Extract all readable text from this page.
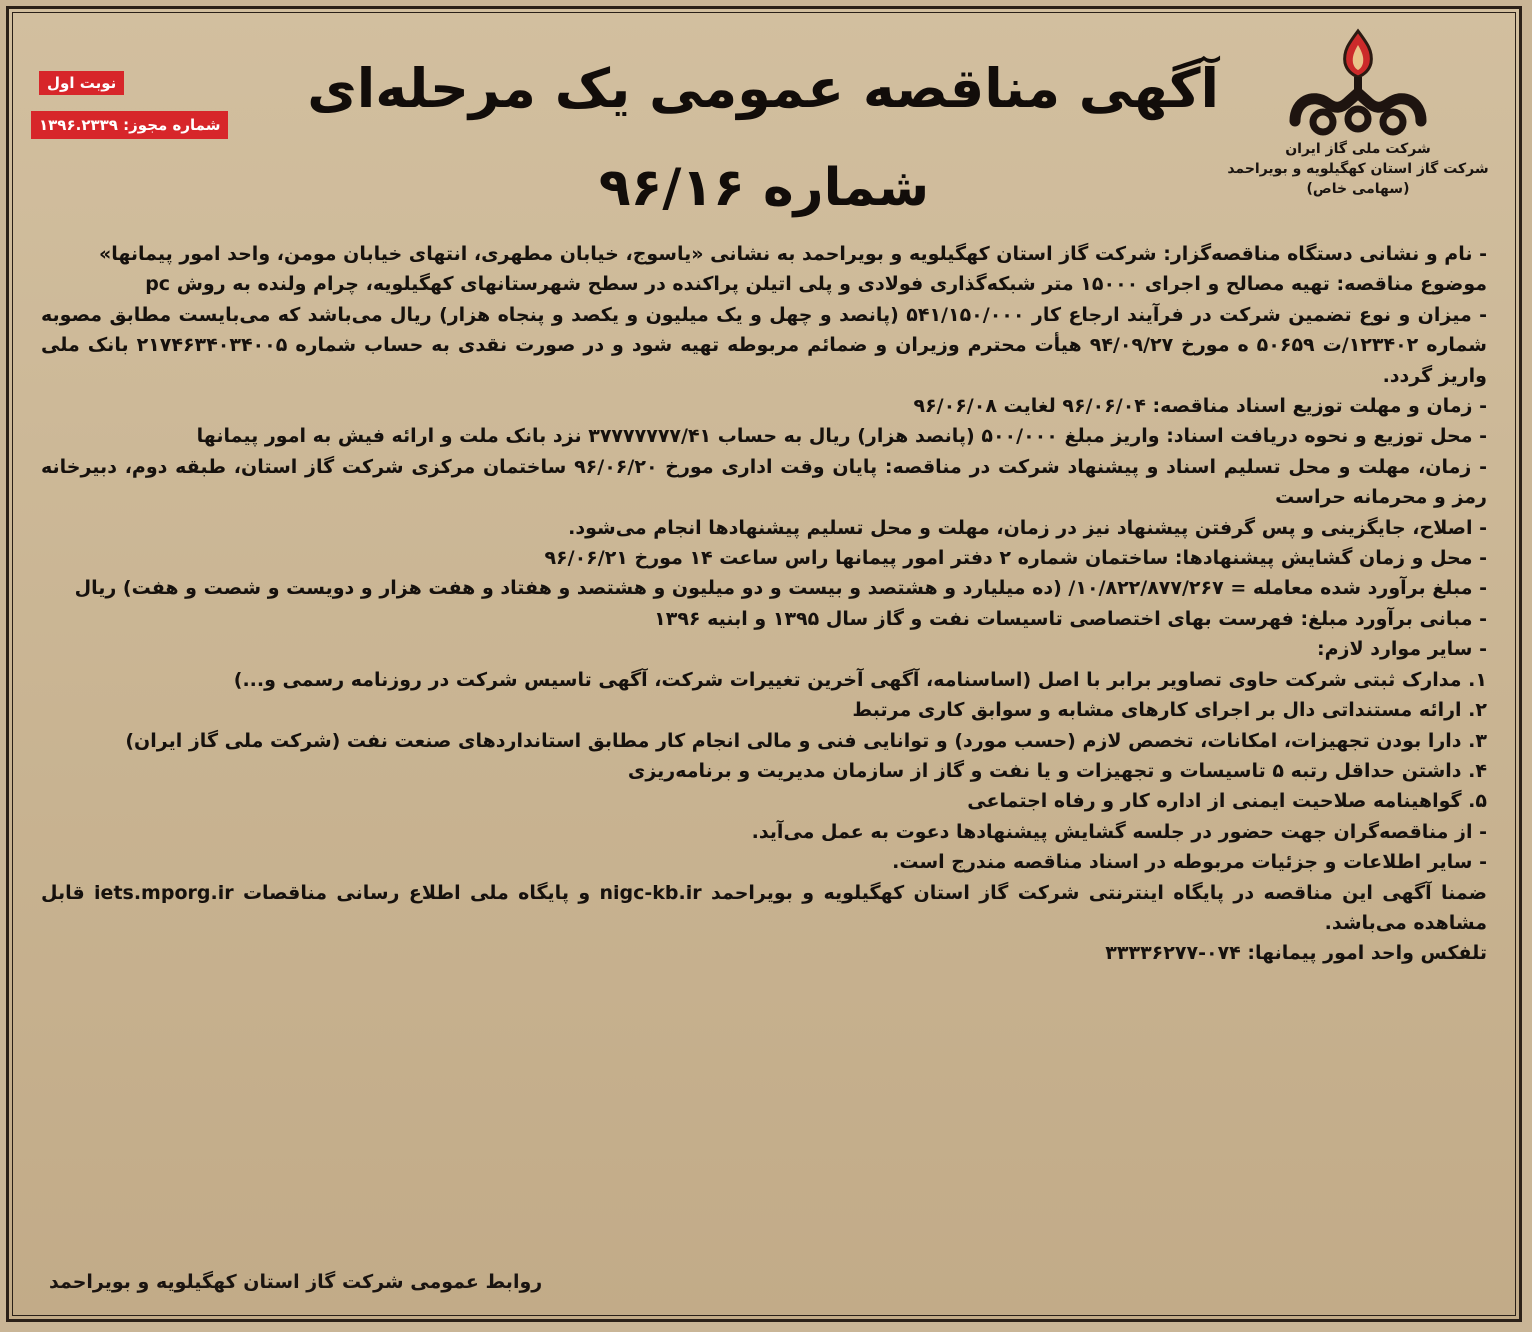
شرکت ملی گاز ایران
شرکت گاز استان کهگیلویه و بویراحمد
(سهامی خاص)
نوبت اول
شماره مجوز: ۱۳۹۶.۲۳۳۹
آگهی مناقصه عمومی یک مرحله‌ای
شماره ۹۶/۱۶

- نام و نشانی دستگاه مناقصه‌گزار: شرکت گاز استان کهگیلویه و بویراحمد به نشانی «یاسوج، خیابان مطهری، انتهای خیابان مومن، واحد امور پیمانها»

موضوع مناقصه: تهیه مصالح و اجرای ۱۵۰۰۰ متر شبکه‌گذاری فولادی و پلی اتیلن پراکنده در سطح شهرستانهای کهگیلویه، چرام ولنده به روش pc

- میزان و نوع تضمین شرکت در فرآیند ارجاع کار ۵۴۱/۱۵۰/۰۰۰ (پانصد و چهل و یک میلیون و یکصد و پنجاه هزار) ریال می‌باشد که می‌بایست مطابق مصوبه شماره ۱۲۳۴۰۲/ت ۵۰۶۵۹ ه مورخ ۹۴/۰۹/۲۷ هیأت محترم وزیران و ضمائم مربوطه تهیه شود و در صورت نقدی به حساب شماره ۲۱۷۴۶۳۴۰۳۴۰۰۵ بانک ملی واریز گردد.

- زمان و مهلت توزیع اسناد مناقصه: ۹۶/۰۶/۰۴ لغایت ۹۶/۰۶/۰۸

- محل توزیع و نحوه دریافت اسناد: واریز مبلغ ۵۰۰/۰۰۰ (پانصد هزار) ریال به حساب ۳۷۷۷۷۷۷۷/۴۱ نزد بانک ملت و ارائه فیش به امور پیمانها

- زمان، مهلت و محل تسلیم اسناد و پیشنهاد شرکت در مناقصه: پایان وقت اداری مورخ ۹۶/۰۶/۲۰ ساختمان مرکزی شرکت گاز استان، طبقه دوم، دبیرخانه رمز و محرمانه حراست

- اصلاح، جایگزینی و پس گرفتن پیشنهاد نیز در زمان، مهلت و محل تسلیم پیشنهادها انجام می‌شود.

- محل و زمان گشایش پیشنهادها: ساختمان شماره ۲ دفتر امور پیمانها راس ساعت ۱۴ مورخ ۹۶/۰۶/۲۱

- مبلغ برآورد شده معامله = ۱۰/۸۲۲/۸۷۷/۲۶۷/ (ده میلیارد و هشتصد و بیست و دو میلیون و هشتصد و هفتاد و هفت هزار و دویست و شصت و هفت) ریال

- مبانی برآورد مبلغ: فهرست بهای اختصاصی تاسیسات نفت و گاز سال ۱۳۹۵ و ابنیه ۱۳۹۶

- سایر موارد لازم:

۱. مدارک ثبتی شرکت حاوی تصاویر برابر با اصل (اساسنامه، آگهی آخرین تغییرات شرکت، آگهی تاسیس شرکت در روزنامه رسمی و...)

۲. ارائه مستنداتی دال بر اجرای کارهای مشابه و سوابق کاری مرتبط

۳. دارا بودن تجهیزات، امکانات، تخصص لازم (حسب مورد) و توانایی فنی و مالی انجام کار مطابق استانداردهای صنعت نفت (شرکت ملی گاز ایران)

۴. داشتن حداقل رتبه ۵ تاسیسات و تجهیزات و یا نفت و گاز از سازمان مدیریت و برنامه‌ریزی

۵. گواهینامه صلاحیت ایمنی از اداره کار و رفاه اجتماعی

- از مناقصه‌گران جهت حضور در جلسه گشایش پیشنهادها دعوت به عمل می‌آید.

- سایر اطلاعات و جزئیات مربوطه در اسناد مناقصه مندرج است.

ضمنا آگهی این مناقصه در پایگاه اینترنتی شرکت گاز استان کهگیلویه و بویراحمد nigc-kb.ir و پایگاه ملی اطلاع رسانی مناقصات iets.mporg.ir قابل مشاهده می‌باشد.

تلفکس واحد امور پیمانها: ۰۷۴-۳۳۳۳۶۲۷۷

روابط عمومی شرکت گاز استان کهگیلویه و بویراحمد
